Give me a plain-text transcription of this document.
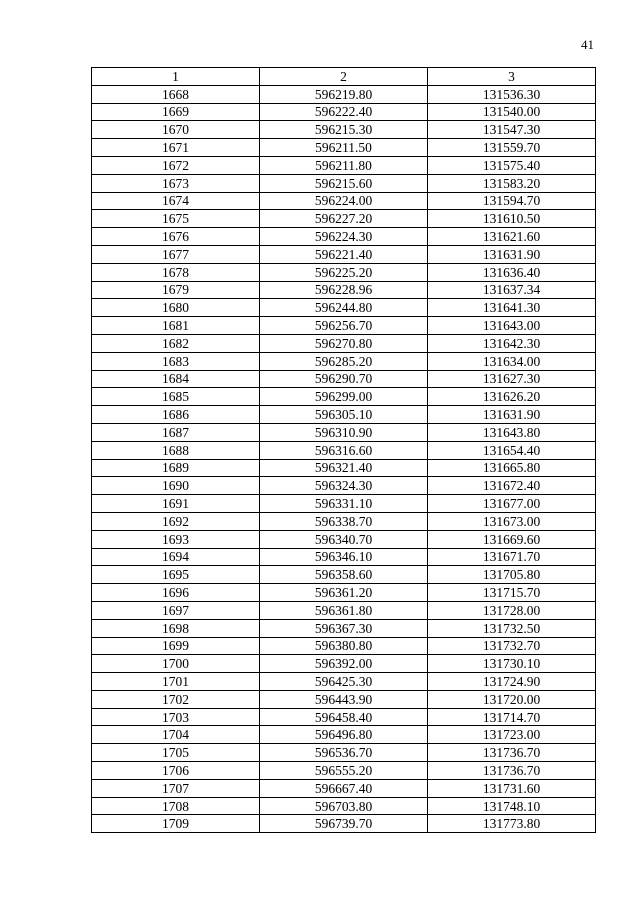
41
1	2	3
1668	596219.80	131536.30
1669	596222.40	131540.00
1670	596215.30	131547.30
1671	596211.50	131559.70
1672	596211.80	131575.40
1673	596215.60	131583.20
1674	596224.00	131594.70
1675	596227.20	131610.50
1676	596224.30	131621.60
1677	596221.40	131631.90
1678	596225.20	131636.40
1679	596228.96	131637.34
1680	596244.80	131641.30
1681	596256.70	131643.00
1682	596270.80	131642.30
1683	596285.20	131634.00
1684	596290.70	131627.30
1685	596299.00	131626.20
1686	596305.10	131631.90
1687	596310.90	131643.80
1688	596316.60	131654.40
1689	596321.40	131665.80
1690	596324.30	131672.40
1691	596331.10	131677.00
1692	596338.70	131673.00
1693	596340.70	131669.60
1694	596346.10	131671.70
1695	596358.60	131705.80
1696	596361.20	131715.70
1697	596361.80	131728.00
1698	596367.30	131732.50
1699	596380.80	131732.70
1700	596392.00	131730.10
1701	596425.30	131724.90
1702	596443.90	131720.00
1703	596458.40	131714.70
1704	596496.80	131723.00
1705	596536.70	131736.70
1706	596555.20	131736.70
1707	596667.40	131731.60
1708	596703.80	131748.10
1709	596739.70	131773.80
